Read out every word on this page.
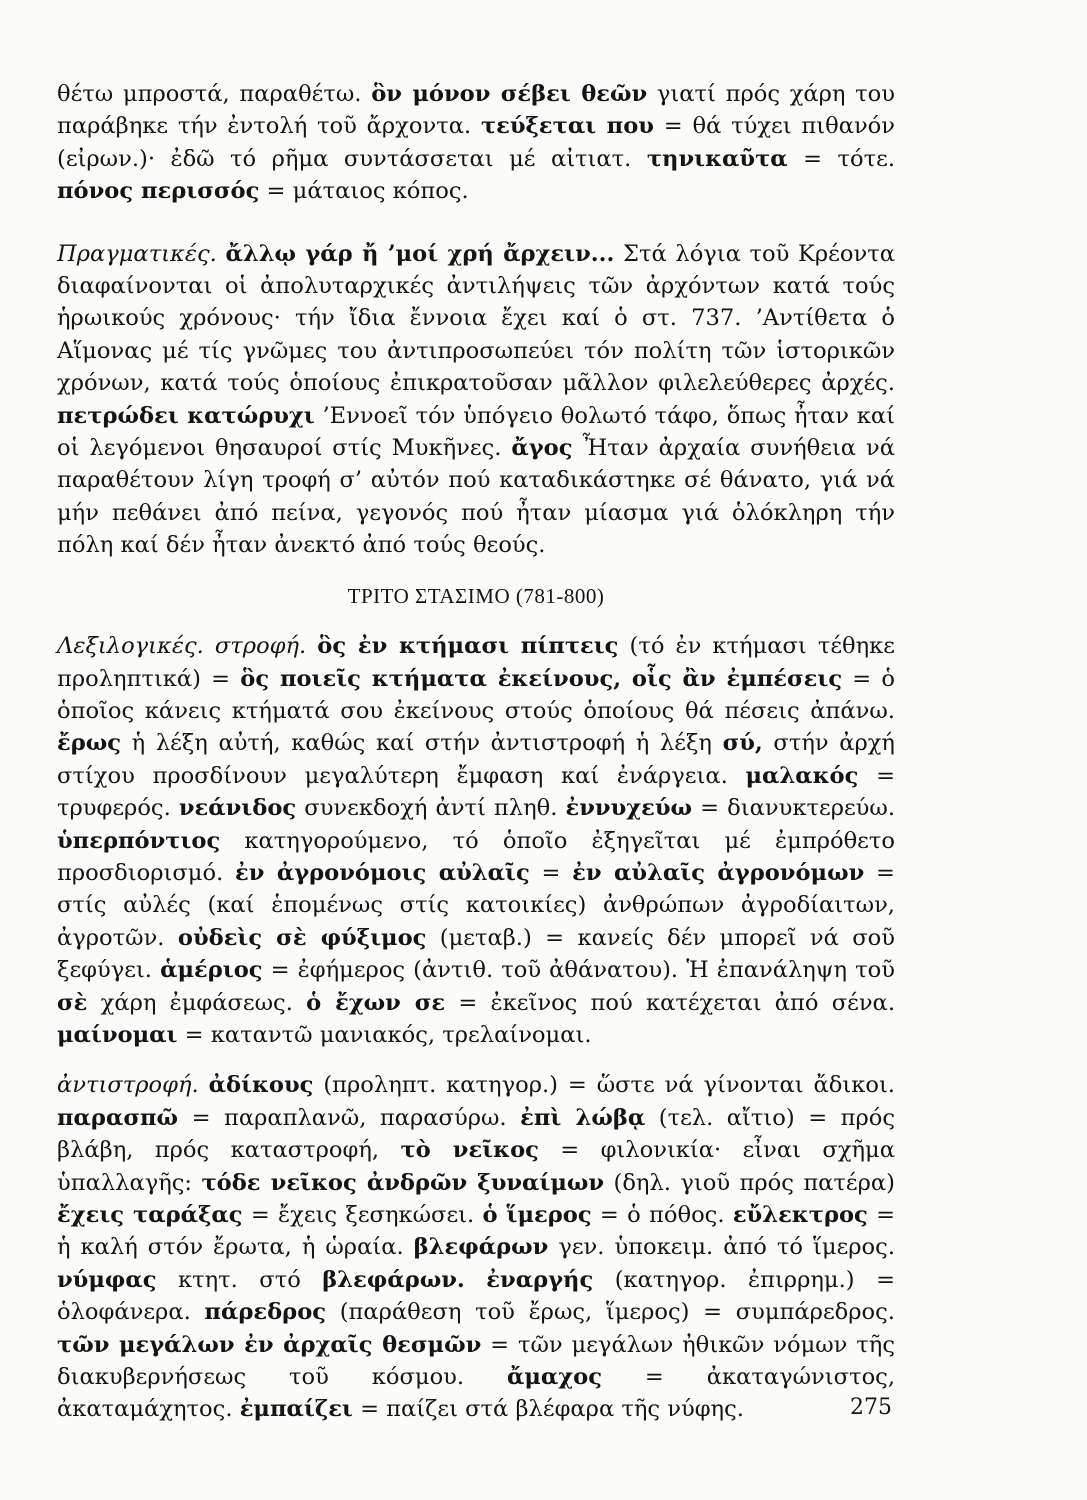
θέτω μπροστά, παραθέτω. ὃν μόνον σέβει θεῶν γιατί πρός χάρη του παράβηκε τήν ἐντολή τοῦ ἄρχοντα. τεύξεται που = θά τύχει πιθανόν (εἰρων.)· ἐδῶ τό ρῆμα συντάσσεται μέ αἰτιατ. τηνικαῦτα = τότε. πόνος περισσός = μάταιος κόπος.

Πραγματικές. ἄλλῳ γάρ ἤ ’μοί χρή ἄρχειν... Στά λόγια τοῦ Κρέοντα διαφαίνονται οἱ ἀπολυταρχικές ἀντιλήψεις τῶν ἀρχόντων κατά τούς ἡρωικούς χρόνους· τήν ἴδια ἔννοια ἔχει καί ὁ στ. 737. ’Αντίθετα ὁ Αἵμονας μέ τίς γνῶμες του ἀντιπροσωπεύει τόν πολίτη τῶν ἱστορικῶν χρόνων, κατά τούς ὁποίους ἐπικρατοῦσαν μᾶλλον φιλελεύθερες ἀρχές. πετρώδει κατώρυχι ’Εννοεῖ τόν ὑπόγειο θολωτό τάφο, ὅπως ἦταν καί οἱ λεγόμενοι θησαυροί στίς Μυκῆνες. ἄγος Ἦταν ἀρχαία συνήθεια νά παραθέτουν λίγη τροφή σ’ αὐτόν πού καταδικάστηκε σέ θάνατο, γιά νά μήν πεθάνει ἀπό πείνα, γεγονός πού ἦταν μίασμα γιά ὁλόκληρη τήν πόλη καί δέν ἦταν ἀνεκτό ἀπό τούς θεούς.

ΤΡΙΤΟ ΣΤΑΣΙΜΟ (781-800)

Λεξιλογικές. στροφή. ὃς ἐν κτήμασι πίπτεις (τό ἐν κτήμασι τέθηκε προληπτικά) = ὃς ποιεῖς κτήματα ἐκείνους, οἷς ἂν ἐμπέσεις = ὁ ὁποῖος κάνεις κτήματά σου ἐκείνους στούς ὁποίους θά πέσεις ἀπάνω. ἔρως ἡ λέξη αὐτή, καθώς καί στήν ἀντιστροφή ἡ λέξη σύ, στήν ἀρχή στίχου προσδίνουν μεγαλύτερη ἔμφαση καί ἐνάργεια. μαλακός = τρυφερός. νεάνιδος συνεκδοχή ἀντί πληθ. ἐννυχεύω = διανυκτερεύω. ὑπερπόντιος κατηγορούμενο, τό ὁποῖο ἐξηγεῖται μέ ἐμπρόθετο προσδιορισμό. ἐν ἀγρονόμοις αὐλαῖς = ἐν αὐλαῖς ἀγρονόμων = στίς αὐλές (καί ἑπομένως στίς κατοικίες) ἀνθρώπων ἀγροδίαιτων, ἀγροτῶν. οὐδεὶς σὲ φύξιμος (μεταβ.) = κανείς δέν μπορεῖ νά σοῦ ξεφύγει. ἁμέριος = ἐφήμερος (ἀντιθ. τοῦ ἀθάνατου). Ἡ ἐπανάληψη τοῦ σὲ χάρη ἐμφάσεως. ὁ ἔχων σε = ἐκεῖνος πού κατέχεται ἀπό σένα. μαίνομαι = καταντῶ μανιακός, τρελαίνομαι.

ἀντιστροφή. ἀδίκους (προληπτ. κατηγορ.) = ὥστε νά γίνονται ἄδικοι. παρασπῶ = παραπλανῶ, παρασύρω. ἐπὶ λώβᾳ (τελ. αἴτιο) = πρός βλάβη, πρός καταστροφή, τὸ νεῖκος = φιλονικία· εἶναι σχῆμα ὑπαλλαγῆς: τόδε νεῖκος ἀνδρῶν ξυναίμων (δηλ. γιοῦ πρός πατέρα) ἔχεις ταράξας = ἔχεις ξεσηκώσει. ὁ ἵμερος = ὁ πόθος. εὔλεκτρος = ἡ καλή στόν ἔρωτα, ἡ ὡραία. βλεφάρων γεν. ὑποκειμ. ἀπό τό ἵμερος. νύμφας κτητ. στό βλεφάρων. ἐναργής (κατηγορ. ἐπιρρημ.) = ὁλοφάνερα. πάρεδρος (παράθεση τοῦ ἔρως, ἵμερος) = συμπάρεδρος. τῶν μεγάλων ἐν ἀρχαῖς θεσμῶν = τῶν μεγάλων ἠθικῶν νόμων τῆς διακυβερνήσεως τοῦ κόσμου. ἄμαχος = ἀκαταγώνιστος, ἀκαταμάχητος. ἐμπαίζει = παίζει στά βλέφαρα τῆς νύφης.	275
